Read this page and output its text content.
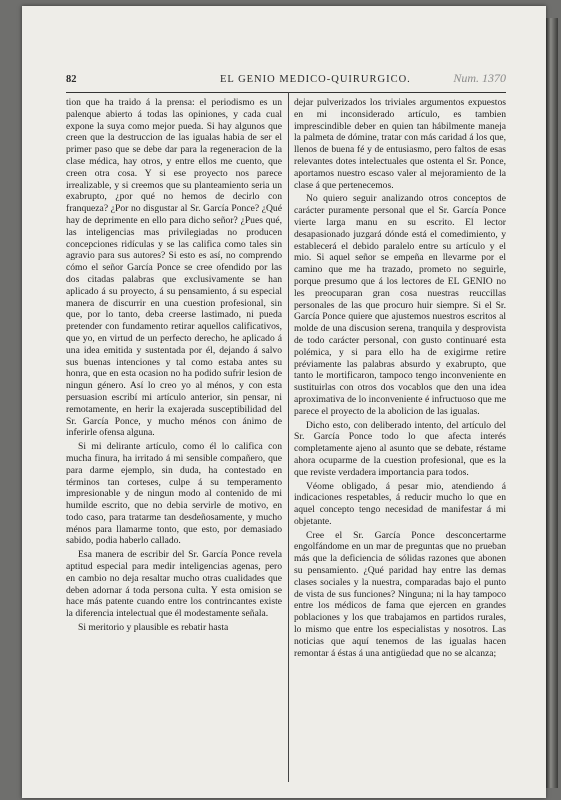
82	EL GENIO MEDICO-QUIRURGICO.	Num. 1370

tion que ha traido á la prensa: el periodismo es un palenque abierto á todas las opiniones, y cada cual expone la suya como mejor pueda. Si hay algunos que creen que la destruccion de las igualas habia de ser el primer paso que se debe dar para la regeneracion de la clase médica, hay otros, y entre ellos me cuento, que creen otra cosa. Y si ese proyecto nos parece irrealizable, y si creemos que su planteamiento seria un exabrupto, ¿por qué no hemos de decirlo con franqueza? ¿Por no disgustar al Sr. García Ponce? ¿Qué hay de deprimente en ello para dicho señor? ¿Pues qué, las inteligencias mas privilegiadas no producen concepciones ridículas y se las califica como tales sin agravio para sus autores? Si esto es así, no comprendo cómo el señor García Ponce se cree ofendido por las dos citadas palabras que exclusivamente se han aplicado á su proyecto, á su pensamiento, á su especial manera de discurrir en una cuestion profesional, sin que, por lo tanto, deba creerse lastimado, ni pueda pretender con fundamento retirar aquellos calificativos, que yo, en virtud de un perfecto derecho, he aplicado á una idea emitida y sustentada por él, dejando á salvo sus buenas intenciones y tal como estaba antes su honra, que en esta ocasion no ha podido sufrir lesion de ningun género. Así lo creo yo al ménos, y con esta persuasion escribí mi artículo anterior, sin pensar, ni remotamente, en herir la exajerada susceptibilidad del Sr. García Ponce, y mucho ménos con ánimo de inferirle ofensa alguna.

Si mi delirante artículo, como él lo califica con mucha finura, ha irritado á mi sensible compañero, que para darme ejemplo, sin duda, ha contestado en términos tan corteses, culpe á su temperamento impresionable y de ningun modo al contenido de mi humilde escrito, que no debia servirle de motivo, en todo caso, para tratarme tan desdeñosamente, y mucho ménos para llamarme tonto, que esto, por demasiado sabido, podia haberlo callado.

Esa manera de escribir del Sr. García Ponce revela aptitud especial para medir inteligencias agenas, pero en cambio no deja resaltar mucho otras cualidades que deben adornar á toda persona culta. Y esta omision se hace más patente cuando entre los contrincantes existe la diferencia intelectual que él modestamente señala.

Si meritorio y plausible es rebatir hasta

dejar pulverizados los triviales argumentos expuestos en mi inconsiderado artículo, es tambien imprescindible deber en quien tan hábilmente maneja la palmeta de dómine, tratar con más caridad á los que, llenos de buena fé y de entusiasmo, pero faltos de esas relevantes dotes intelectuales que ostenta el Sr. Ponce, aportamos nuestro escaso valer al mejoramiento de la clase á que pertenecemos.

No quiero seguir analizando otros conceptos de carácter puramente personal que el Sr. García Ponce vierte larga manu en su escrito. El lector desapasionado juzgará dónde está el comedimiento, y establecerá el debido paralelo entre su artículo y el mio. Si aquel señor se empeña en llevarme por el camino que me ha trazado, prometo no seguirle, porque presumo que á los lectores de EL GENIO no les preocuparan gran cosa nuestras reuccillas personales de las que procuro huir siempre. Si el Sr. García Ponce quiere que ajustemos nuestros escritos al molde de una discusion serena, tranquila y desprovista de todo carácter personal, con gusto continuaré esta polémica, y si para ello ha de exigirme retire préviamente las palabras absurdo y exabrupto, que tanto le mortificaron, tampoco tengo inconveniente en sustituirlas con otros dos vocablos que den una idea aproximativa de lo inconveniente é infructuoso que me parece el proyecto de la abolicion de las igualas.

Dicho esto, con deliberado intento, del artículo del Sr. García Ponce todo lo que afecta interés completamente ajeno al asunto que se debate, réstame ahora ocuparme de la cuestion profesional, que es la que reviste verdadera importancia para todos.

Véome obligado, á pesar mio, atendiendo á indicaciones respetables, á reducir mucho lo que en aquel concepto tengo necesidad de manifestar á mi objetante.

Cree el Sr. García Ponce desconcertarme engolfándome en un mar de preguntas que no prueban más que la deficiencia de sólidas razones que abonen su pensamiento. ¿Qué paridad hay entre las demas clases sociales y la nuestra, comparadas bajo el punto de vista de sus funciones? Ninguna; ni la hay tampoco entre los médicos de fama que ejercen en grandes poblaciones y los que trabajamos en partidos rurales, lo mismo que entre los especialistas y nosotros. Las noticias que aquí tenemos de las igualas hacen remontar á éstas á una antigüedad que no se alcanza;
